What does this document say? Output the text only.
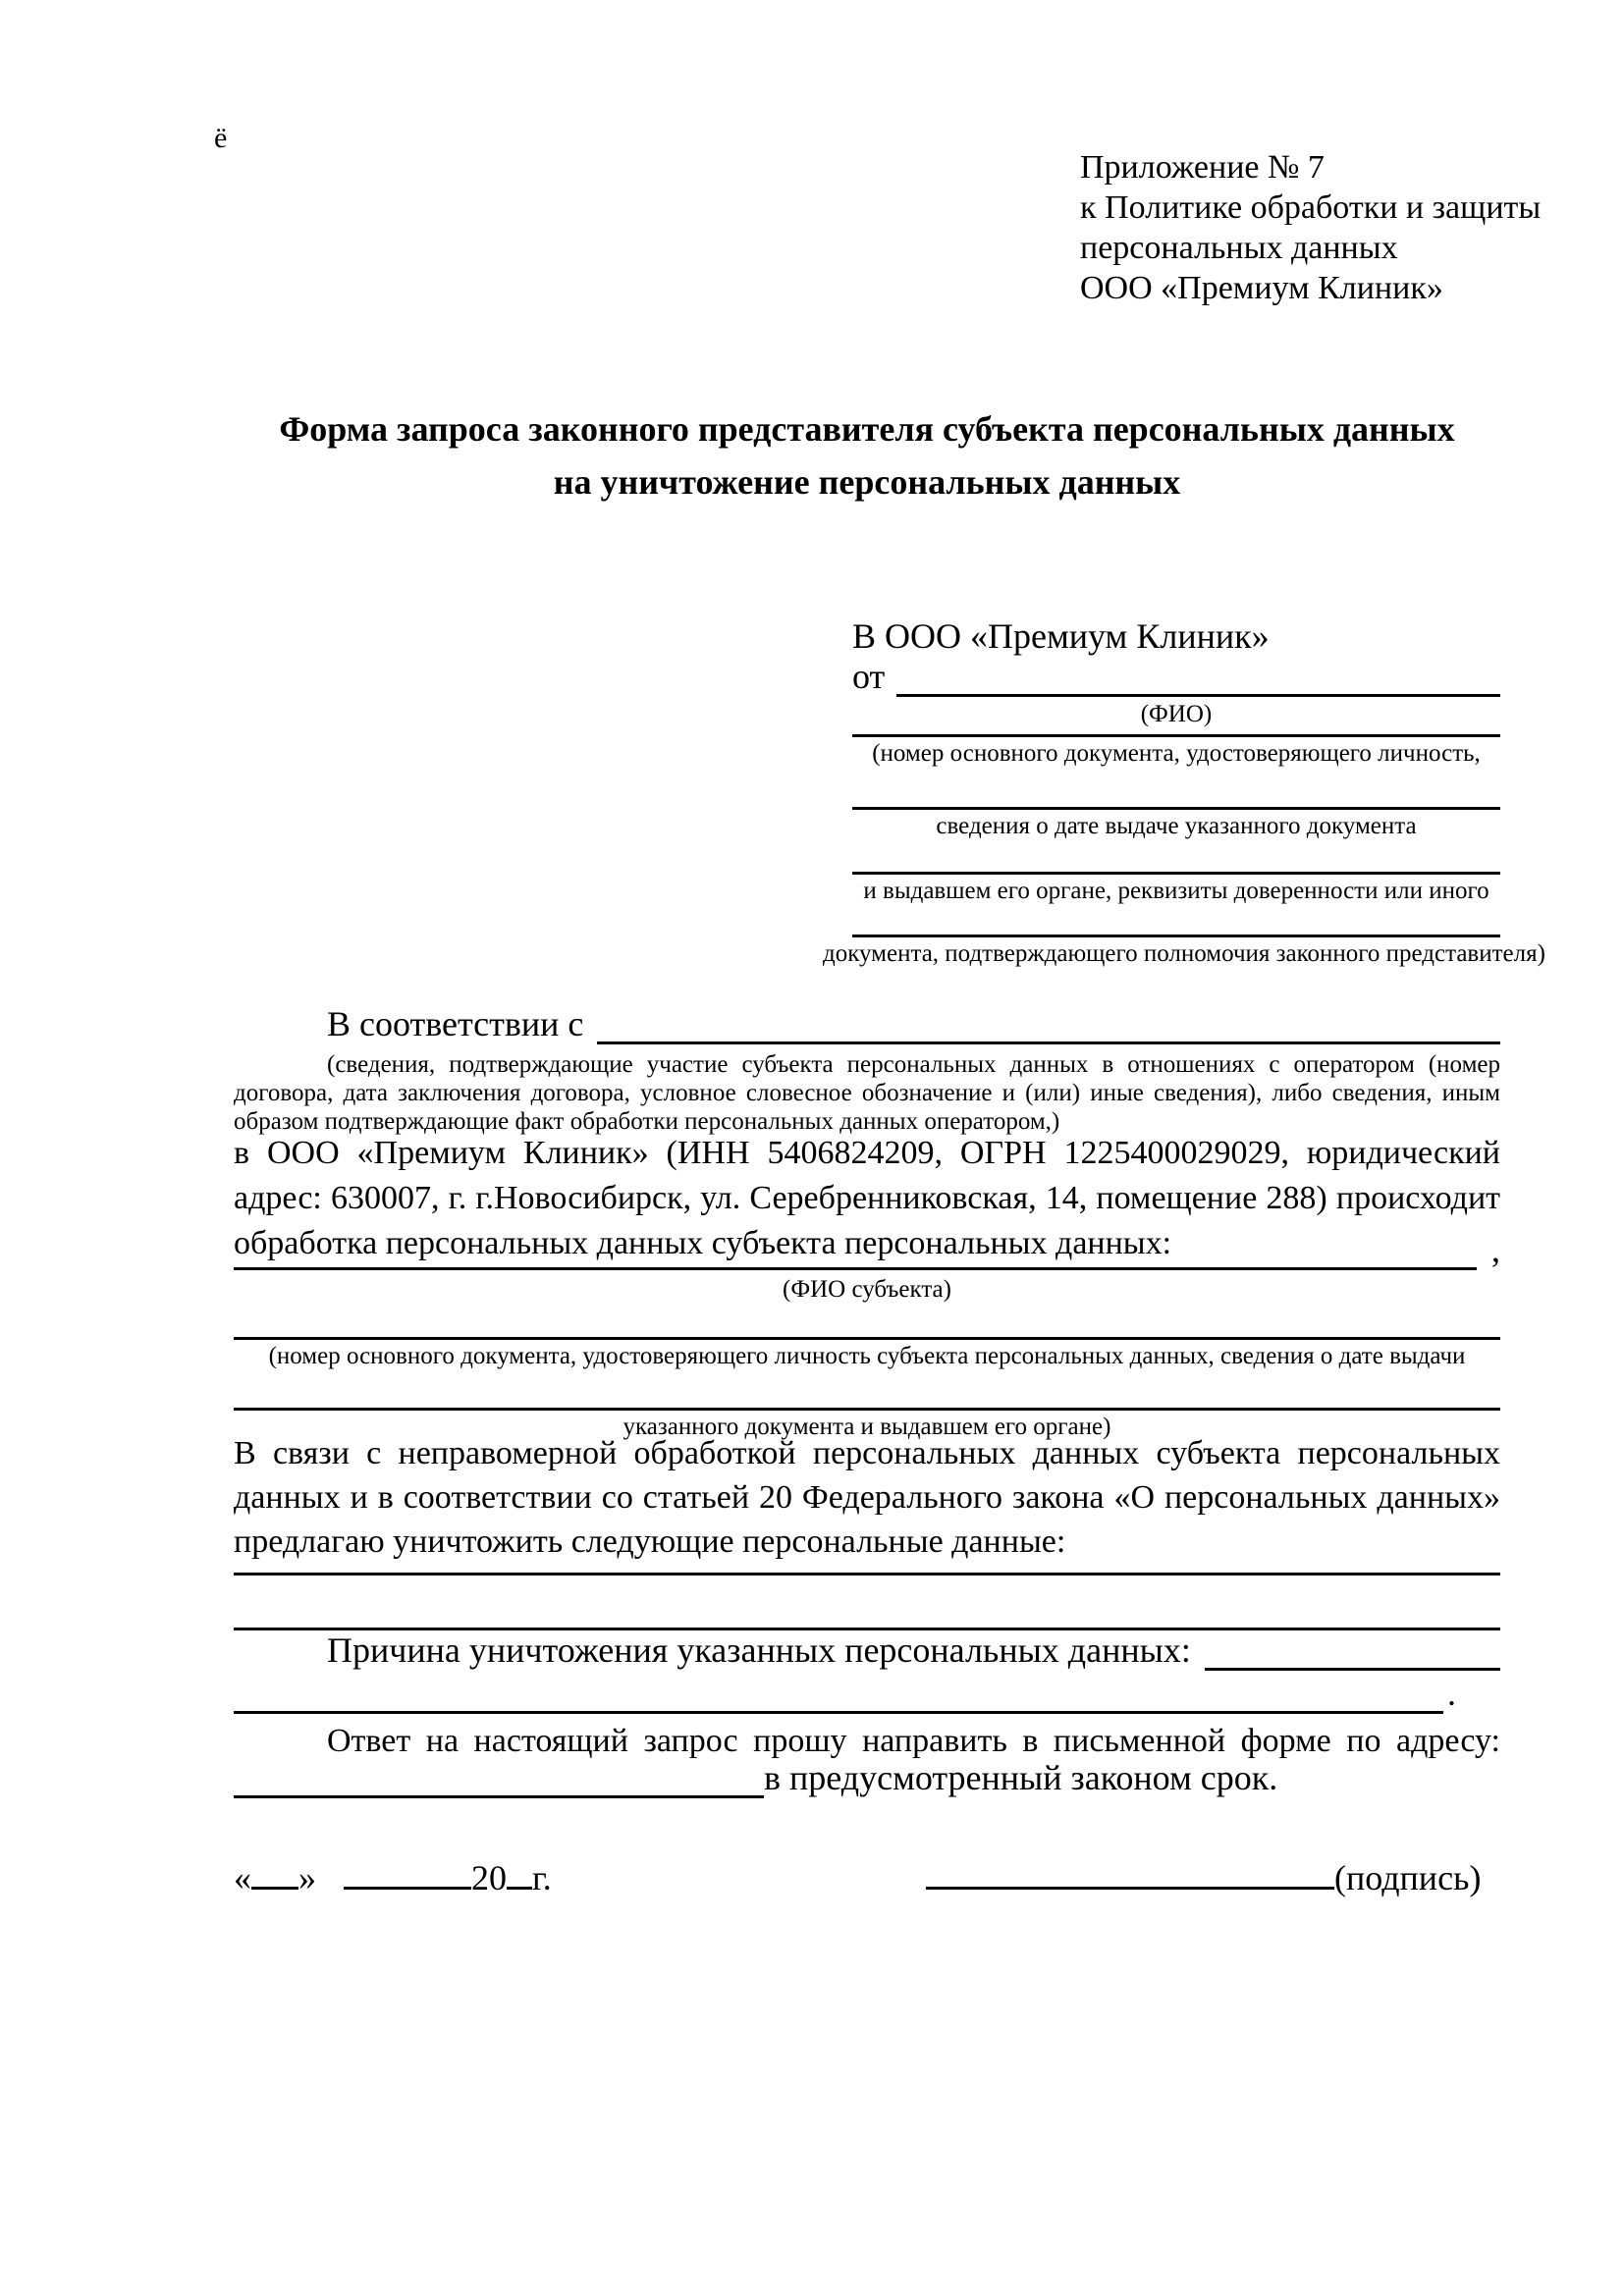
ё
Приложение № 7
к Политике обработки и защиты
персональных данных
ООО «Премиум Клиник»
Форма запроса законного представителя субъекта персональных данных
на уничтожение персональных данных
В ООО «Премиум Клиник»
от
(ФИО)
(номер основного документа, удостоверяющего личность,
сведения о дате выдаче указанного документа
и выдавшем его органе, реквизиты доверенности или иного
документа, подтверждающего полномочия законного представителя)
В соответствии с
(сведения, подтверждающие участие субъекта персональных данных в отношениях с оператором (номер договора, дата заключения договора, условное словесное обозначение и (или) иные сведения), либо сведения, иным образом подтверждающие факт обработки персональных данных оператором,)
в ООО «Премиум Клиник» (ИНН 5406824209, ОГРН 1225400029029, юридический адрес: 630007, г. г.Новосибирск, ул. Серебренниковская, 14, помещение 288) происходит обработка персональных данных субъекта персональных данных:	,
(ФИО субъекта)
(номер основного документа, удостоверяющего личность субъекта персональных данных, сведения о дате выдачи
указанного документа и выдавшем его органе)
В связи с неправомерной обработкой персональных данных субъекта персональных данных и в соответствии со статьей 20 Федерального закона «О персональных данных» предлагаю уничтожить следующие персональные данные:
Причина уничтожения указанных персональных данных:
.
Ответ на настоящий запрос прошу направить в письменной форме по адресу:
в предусмотренный законом срок.
« »	20 г.	(подпись)
